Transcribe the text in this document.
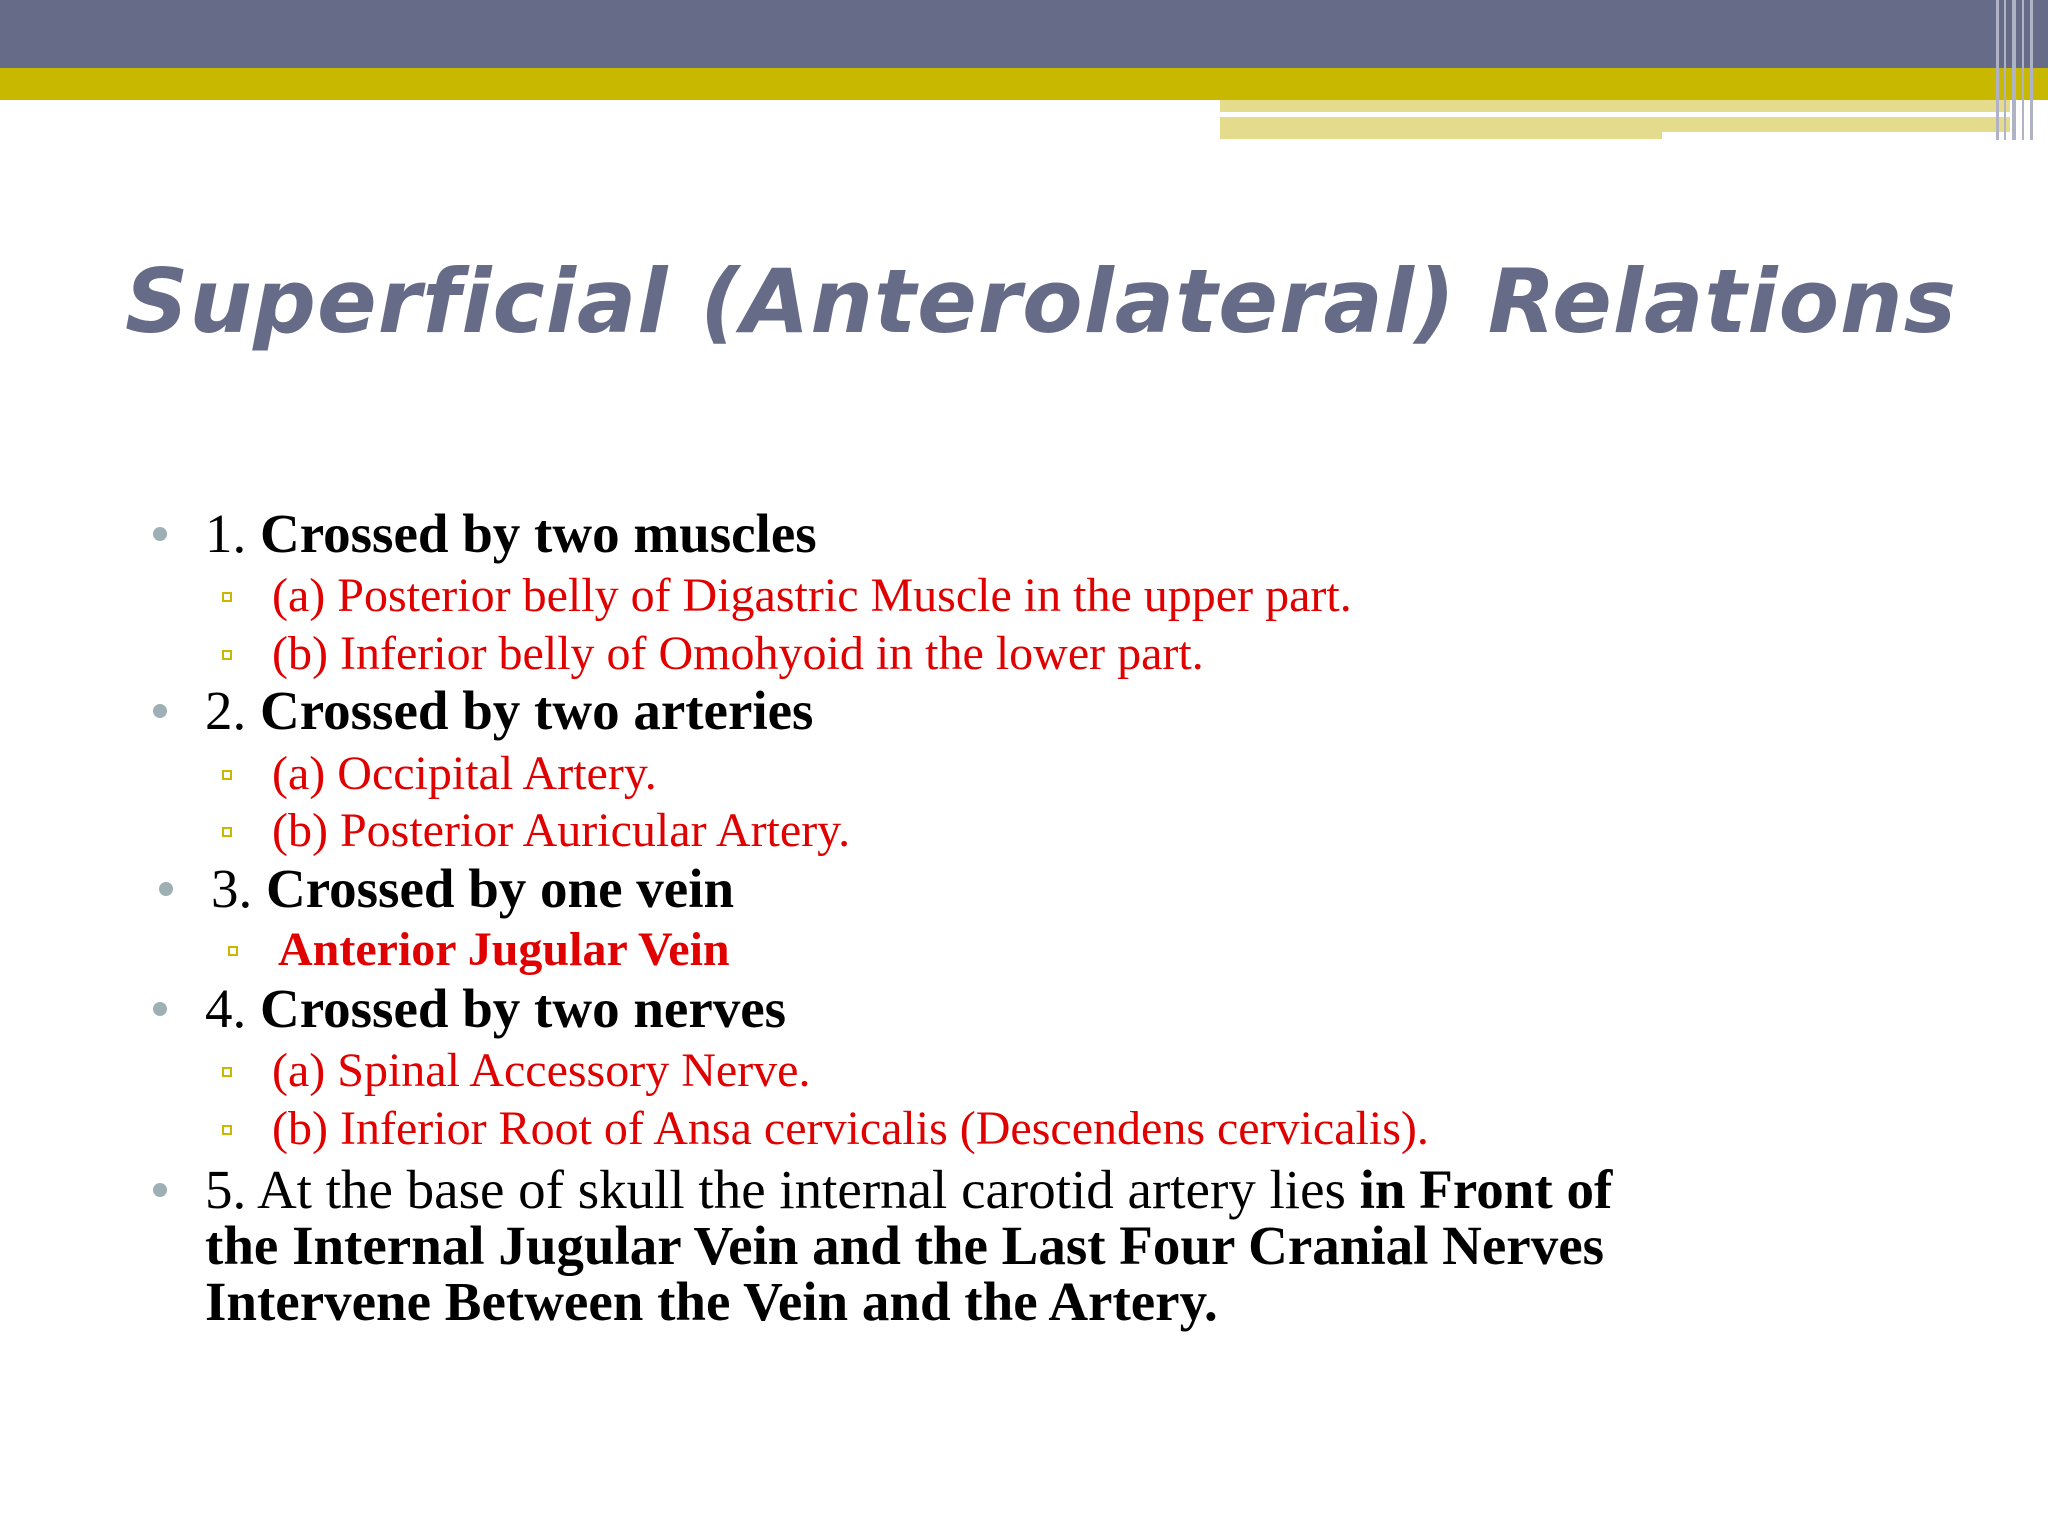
Superficial (Anterolateral) Relations
1. Crossed by two muscles
(a) Posterior belly of Digastric Muscle in the upper part.
(b) Inferior belly of Omohyoid in the lower part.
2. Crossed by two arteries
(a) Occipital Artery.
(b) Posterior Auricular Artery.
3. Crossed by one vein
Anterior Jugular Vein
4. Crossed by two nerves
(a) Spinal Accessory Nerve.
(b) Inferior Root of Ansa cervicalis (Descendens cervicalis).
5. At the base of skull the internal carotid artery lies in Front of
the Internal Jugular Vein and the Last Four Cranial Nerves
Intervene Between the Vein and the Artery.
